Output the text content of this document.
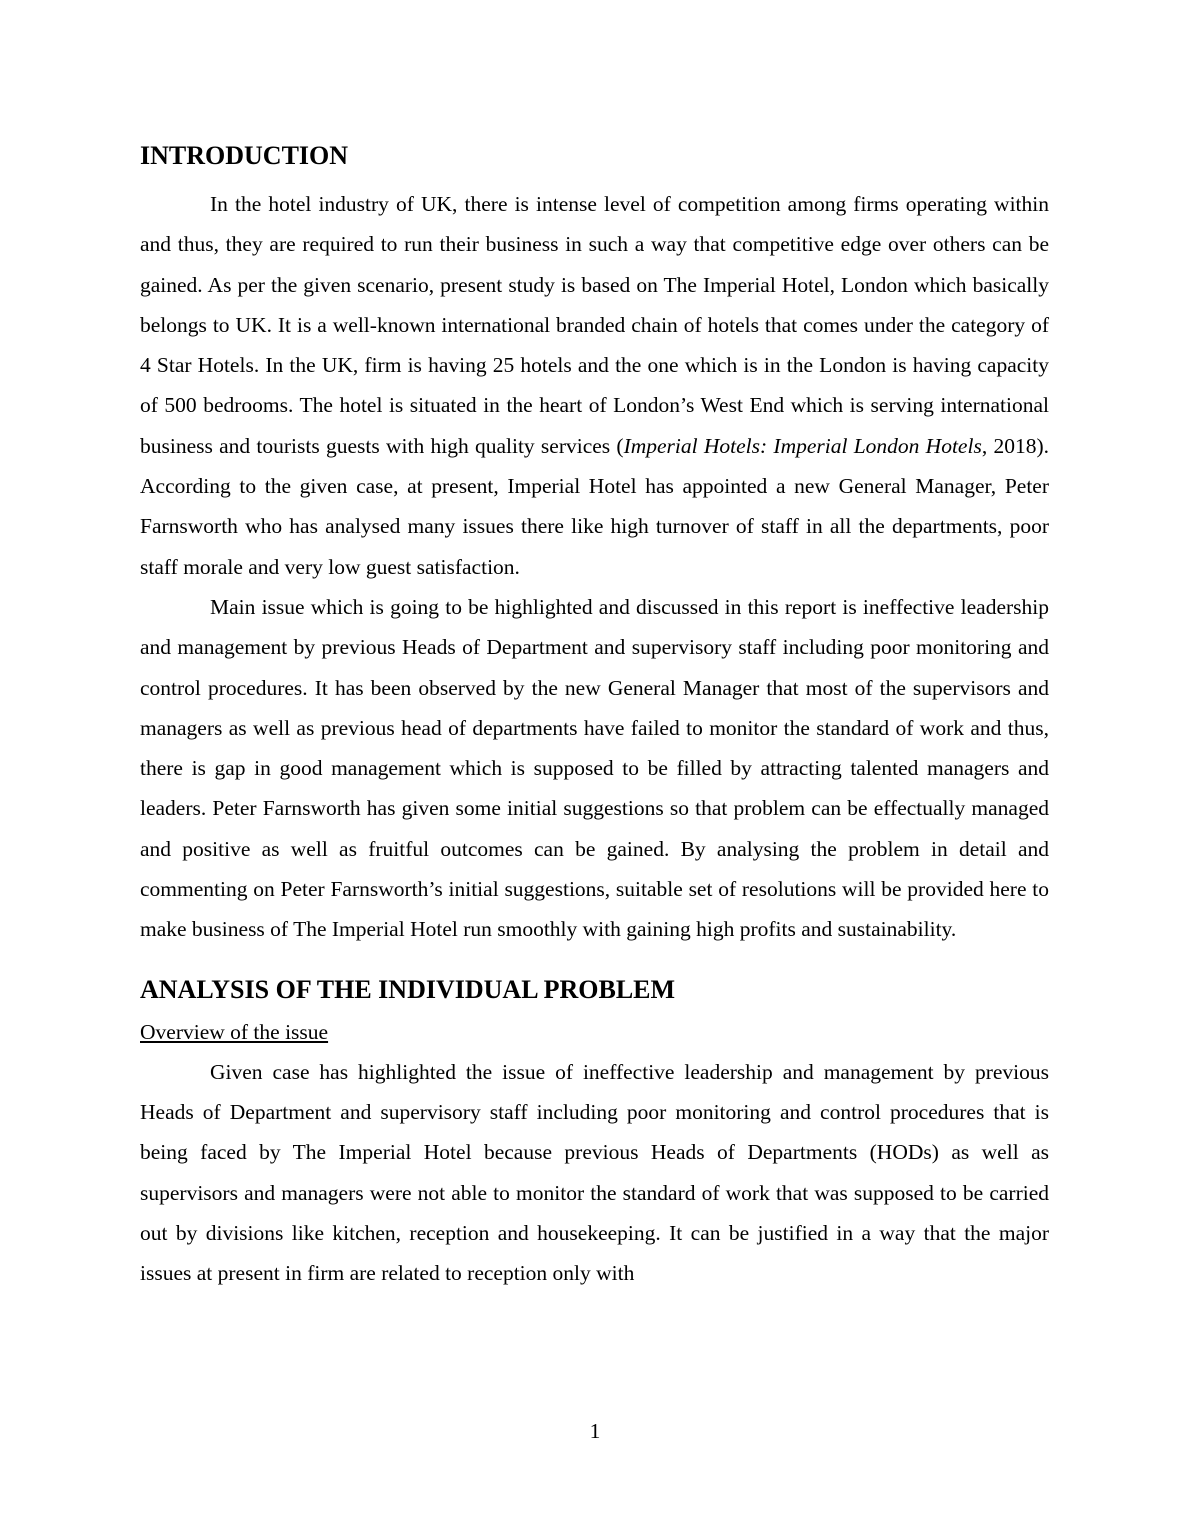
INTRODUCTION

In the hotel industry of UK, there is intense level of competition among firms operating within and thus, they are required to run their business in such a way that competitive edge over others can be gained. As per the given scenario, present study is based on The Imperial Hotel, London which basically belongs to UK. It is a well-known international branded chain of hotels that comes under the category of 4 Star Hotels. In the UK, firm is having 25 hotels and the one which is in the London is having capacity of 500 bedrooms. The hotel is situated in the heart of London’s West End which is serving international business and tourists guests with high quality services (Imperial Hotels: Imperial London Hotels, 2018). According to the given case, at present, Imperial Hotel has appointed a new General Manager, Peter Farnsworth who has analysed many issues there like high turnover of staff in all the departments, poor staff morale and very low guest satisfaction.

Main issue which is going to be highlighted and discussed in this report is ineffective leadership and management by previous Heads of Department and supervisory staff including poor monitoring and control procedures. It has been observed by the new General Manager that most of the supervisors and managers as well as previous head of departments have failed to monitor the standard of work and thus, there is gap in good management which is supposed to be filled by attracting talented managers and leaders. Peter Farnsworth has given some initial suggestions so that problem can be effectually managed and positive as well as fruitful outcomes can be gained. By analysing the problem in detail and commenting on Peter Farnsworth’s initial suggestions, suitable set of resolutions will be provided here to make business of The Imperial Hotel run smoothly with gaining high profits and sustainability.

ANALYSIS OF THE INDIVIDUAL PROBLEM

Overview of the issue

Given case has highlighted the issue of ineffective leadership and management by previous Heads of Department and supervisory staff including poor monitoring and control procedures that is being faced by The Imperial Hotel because previous Heads of Departments (HODs) as well as supervisors and managers were not able to monitor the standard of work that was supposed to be carried out by divisions like kitchen, reception and housekeeping. It can be justified in a way that the major issues at present in firm are related to reception only with

1
